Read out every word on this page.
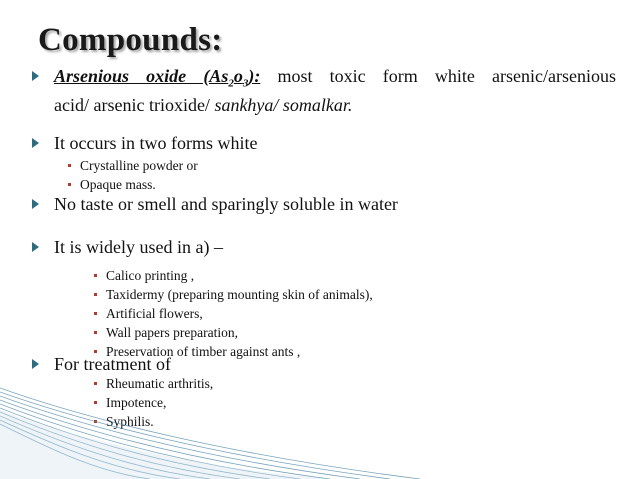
Compounds:
Arsenious oxide $(As_2o_3)$: most toxic form white arsenic/arsenious
acid/ arsenic trioxide/ sankhya/ somalkar.
It occurs in two forms white
Crystalline powder or
Opaque mass.
No taste or smell and sparingly soluble in water
It is widely used in a) –
Calico printing ,
Taxidermy (preparing mounting skin of animals),
Artificial flowers,
Wall papers preparation,
Preservation of timber against ants ,
For treatment of
Rheumatic arthritis,
Impotence,
Syphilis.
